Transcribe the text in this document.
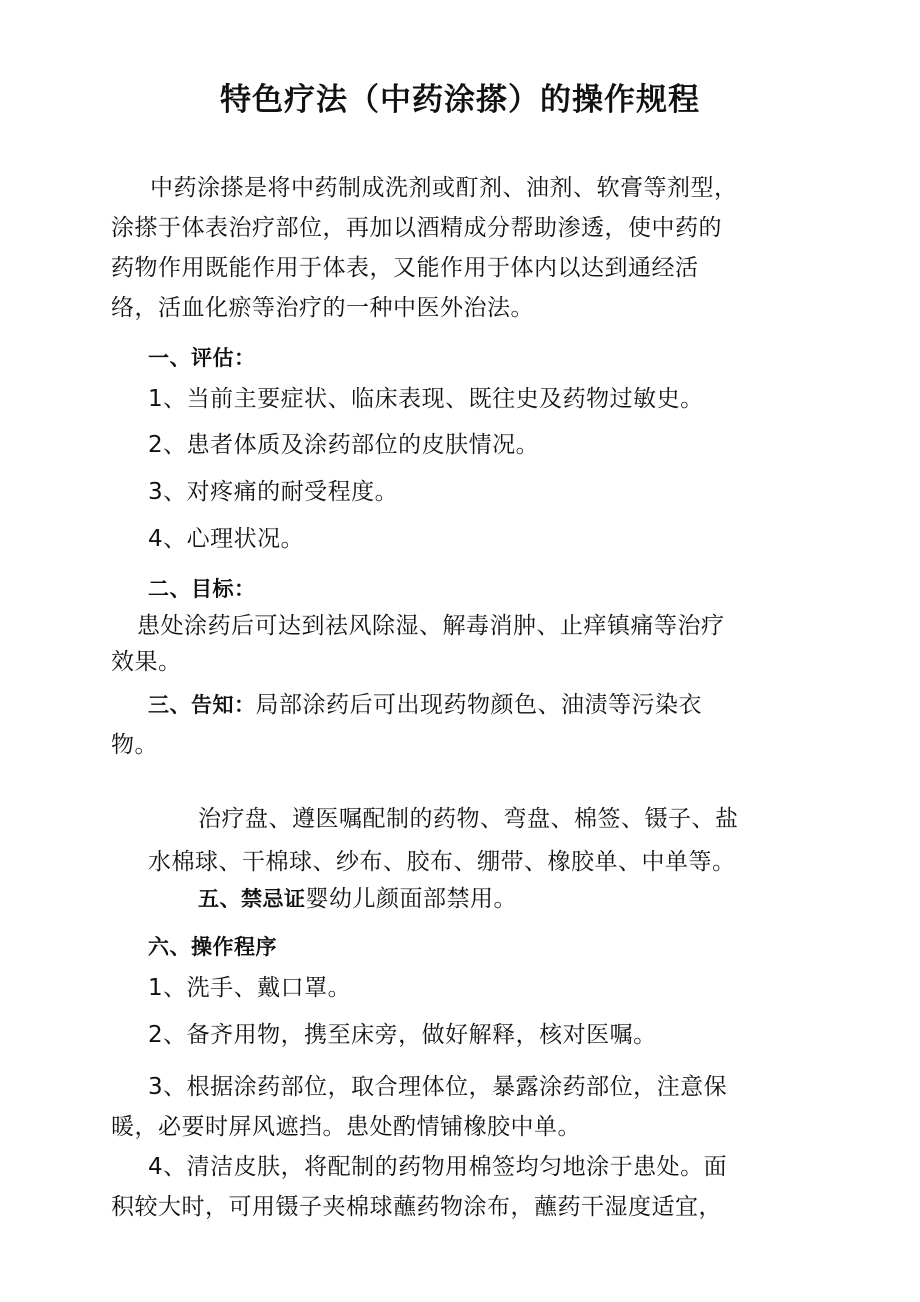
特色疗法（中药涂搽）的操作规程
中药涂搽是将中药制成洗剂或酊剂、油剂、软膏等剂型，
涂搽于体表治疗部位，再加以酒精成分帮助渗透，使中药的
药物作用既能作用于体表，又能作用于体内以达到通经活
络，活血化瘀等治疗的一种中医外治法。
一、评估：
1、当前主要症状、临床表现、既往史及药物过敏史。
2、患者体质及涂药部位的皮肤情况。
3、对疼痛的耐受程度。
4、心理状况。
二、目标：
患处涂药后可达到祛风除湿、解毒消肿、止痒镇痛等治疗
效果。
三、告知：局部涂药后可出现药物颜色、油渍等污染衣
物。
治疗盘、遵医嘱配制的药物、弯盘、棉签、镊子、盐
水棉球、干棉球、纱布、胶布、绷带、橡胶单、中单等。
五、禁忌证婴幼儿颜面部禁用。
六、操作程序
1、洗手、戴口罩。
2、备齐用物，携至床旁，做好解释，核对医嘱。
3、根据涂药部位，取合理体位，暴露涂药部位，注意保
暖，必要时屏风遮挡。患处酌情铺橡胶中单。
4、清洁皮肤，将配制的药物用棉签均匀地涂于患处。面
积较大时，可用镊子夹棉球蘸药物涂布，蘸药干湿度适宜，
